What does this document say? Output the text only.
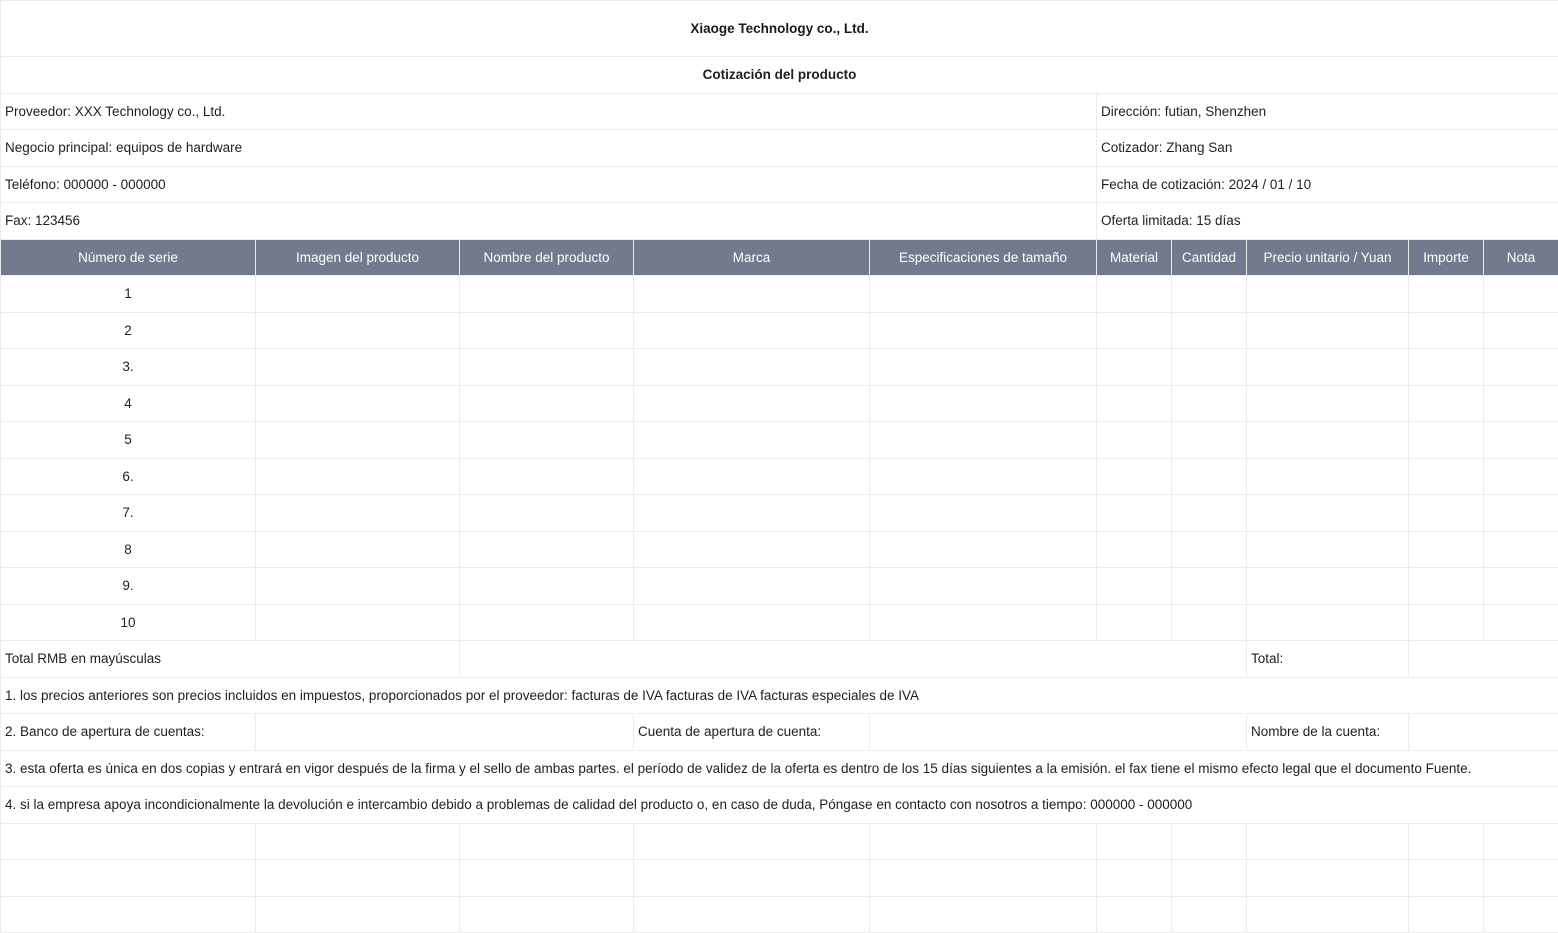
Xiaoge Technology co., Ltd.									
Cotización del producto									
Proveedor: XXX Technology co., Ltd.					Dirección: futian, Shenzhen				
Negocio principal: equipos de hardware					Cotizador: Zhang San				
Teléfono: 000000 - 000000					Fecha de cotización: 2024 / 01 / 10				
Fax: 123456					Oferta limitada: 15 días				
Número de serie	Imagen del producto	Nombre del producto	Marca	Especificaciones de tamaño	Material	Cantidad	Precio unitario / Yuan	Importe	Nota
1									
2									
3.									
4									
5									
6.									
7.									
8									
9.									
10									
Total RMB en mayúsculas							Total:		
1. los precios anteriores son precios incluidos en impuestos, proporcionados por el proveedor: facturas de IVA facturas de IVA facturas especiales de IVA									
2. Banco de apertura de cuentas:			Cuenta de apertura de cuenta:				Nombre de la cuenta:		
3. esta oferta es única en dos copias y entrará en vigor después de la firma y el sello de ambas partes. el período de validez de la oferta es dentro de los 15 días siguientes a la emisión. el fax tiene el mismo efecto legal que el documento Fuente.									
4. si la empresa apoya incondicionalmente la devolución e intercambio debido a problemas de calidad del producto o, en caso de duda, Póngase en contacto con nosotros a tiempo: 000000 - 000000									
